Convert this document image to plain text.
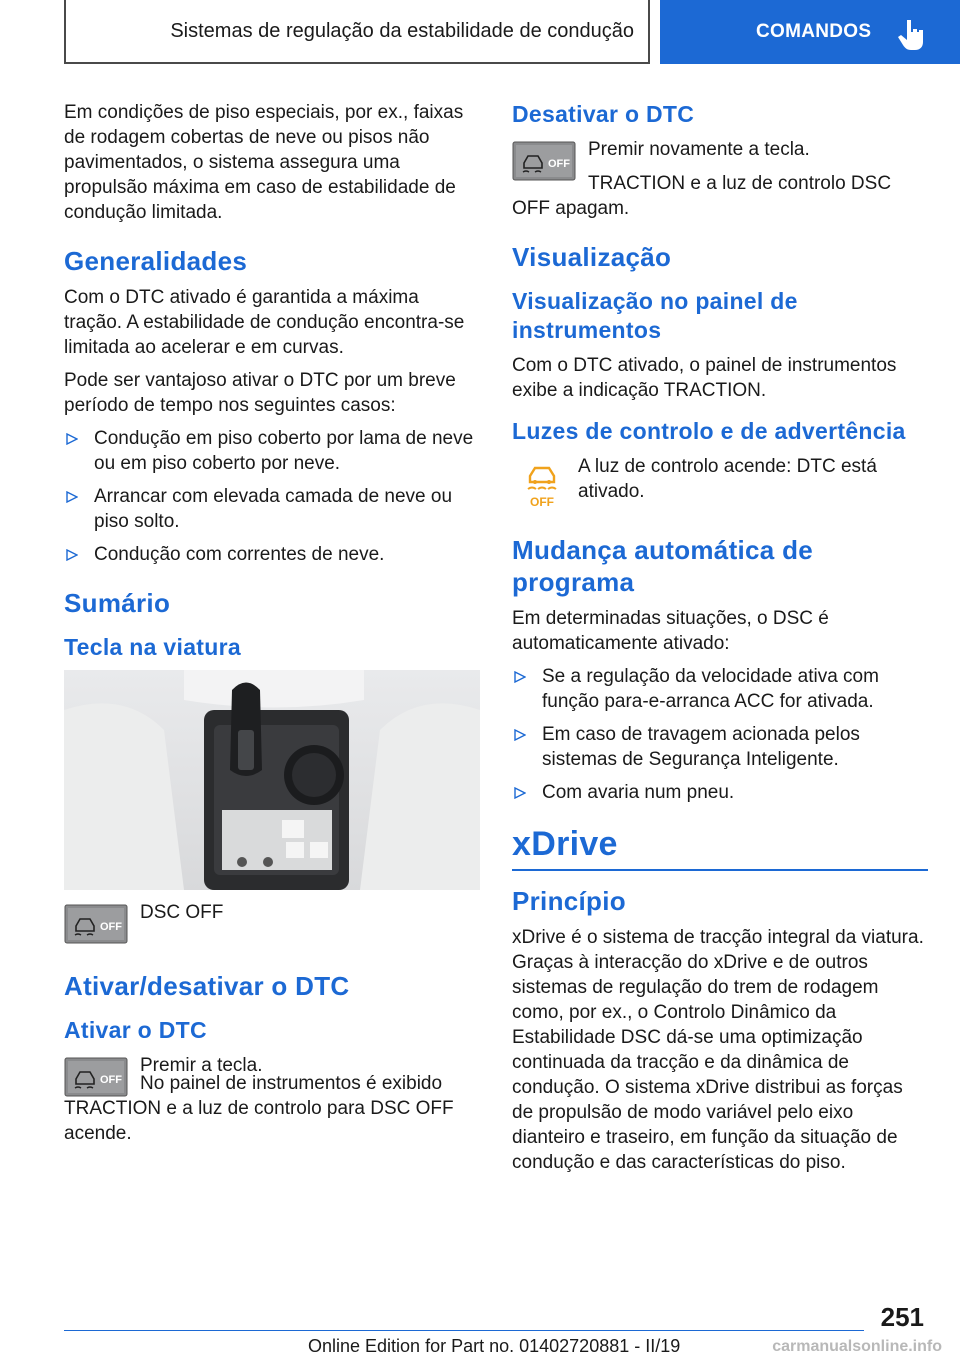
Sistemas de regulação da estabilidade de condução	COMANDOS

Em condições de piso especiais, por ex., faixas de rodagem cobertas de neve ou pisos não pavimentados, o sistema assegura uma propulsão máxima em caso de estabilidade de condução limitada.

Generalidades

Com o DTC ativado é garantida a máxima tração. A estabilidade de condução encontra-se limitada ao acelerar e em curvas.

Pode ser vantajoso ativar o DTC por um breve período de tempo nos seguintes casos:

Condução em piso coberto por lama de neve ou em piso coberto por neve.
Arrancar com elevada camada de neve ou piso solto.
Condução com correntes de neve.
Sumário
Tecla na viatura
OFF
DSC OFF
Ativar/desativar o DTC
Ativar o DTC
OFF
Premir a tecla.

No painel de instrumentos é exibido TRACTION e a luz de controlo para DSC OFF acende.

Desativar o DTC
OFF
Premir novamente a tecla.

TRACTION e a luz de controlo DSC OFF apagam.

Visualização
Visualização no painel de instrumentos

Com o DTC ativado, o painel de instrumentos exibe a indicação TRACTION.

Luzes de controlo e de advertência
OFF
A luz de controlo acende: DTC está ativado.
Mudança automática de programa

Em determinadas situações, o DSC é automaticamente ativado:

Se a regulação da velocidade ativa com função para-e-arranca ACC for ativada.
Em caso de travagem acionada pelos sistemas de Segurança Inteligente.
Com avaria num pneu.
xDrive
Princípio

xDrive é o sistema de tracção integral da viatura. Graças à interacção do xDrive e de outros sistemas de regulação do trem de rodagem como, por ex., o Controlo Dinâmico da Estabilidade DSC dá-se uma optimização continuada da tracção e da dinâmica de condução. O sistema xDrive distribui as forças de propulsão de modo variável pelo eixo dianteiro e traseiro, em função da situação de condução e das características do piso.

251
Online Edition for Part no. 01402720881 - II/19	carmanualsonline.info
